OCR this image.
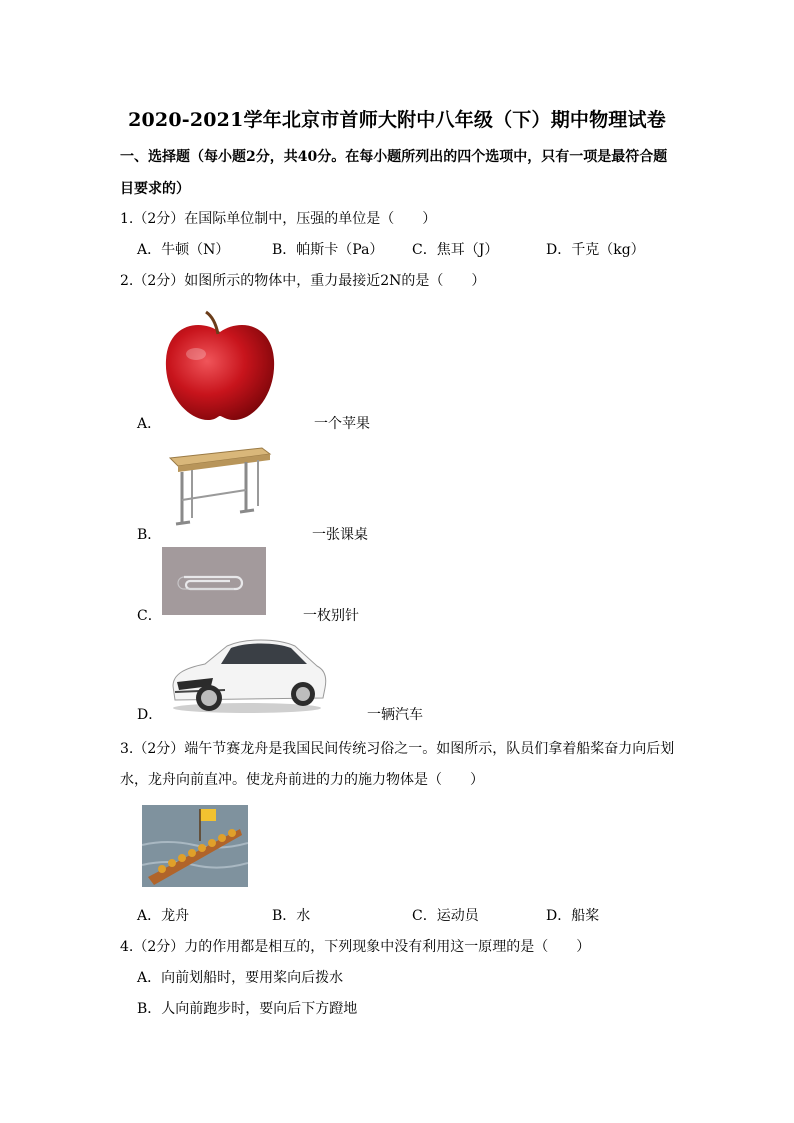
2020-2021学年北京市首师大附中八年级（下）期中物理试卷
一、选择题（每小题2分，共40分。在每小题所列出的四个选项中，只有一项是最符合题
目要求的）
1.（2分）在国际单位制中，压强的单位是（　　）
A．牛顿（N）	B．帕斯卡（Pa） C．焦耳（J）	D．千克（kg）
2.（2分）如图所示的物体中，重力最接近2N的是（　　）
A．	一个苹果
B．	一张课桌
C．	一枚别针
D．	一辆汽车
3.（2分）端午节赛龙舟是我国民间传统习俗之一。如图所示，队员们拿着船桨奋力向后划
水，龙舟向前直冲。使龙舟前进的力的施力物体是（　　）
A．龙舟	B．水	C．运动员	D．船桨
4.（2分）力的作用都是相互的，下列现象中没有利用这一原理的是（　　）
A．向前划船时，要用桨向后拨水
B．人向前跑步时，要向后下方蹬地
